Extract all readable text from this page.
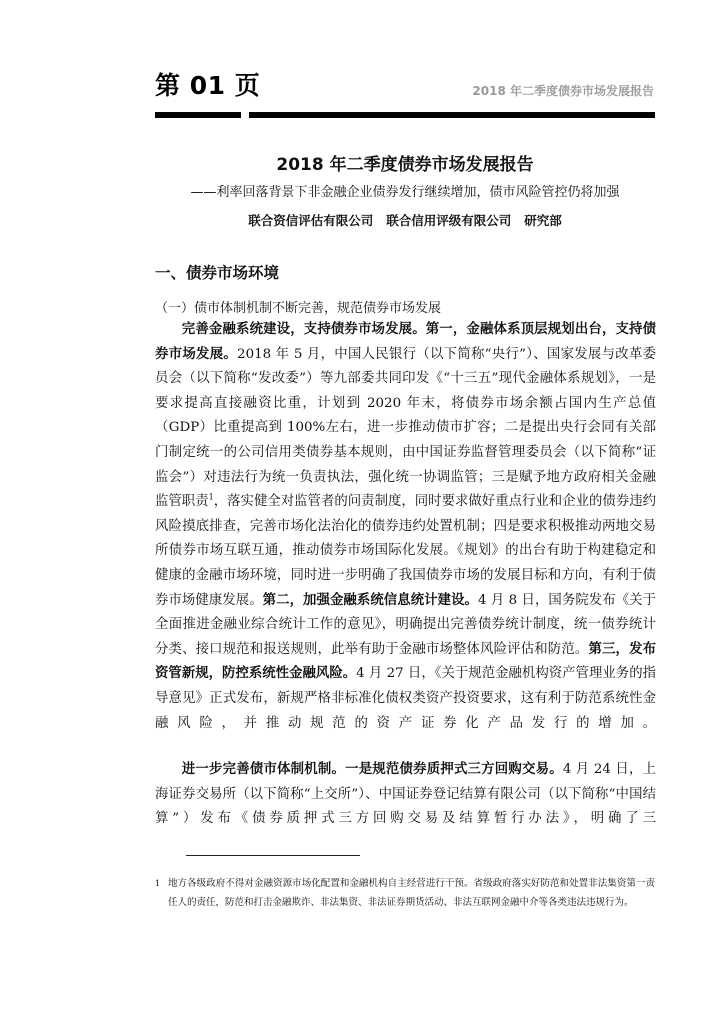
第 01 页	2018 年二季度债券市场发展报告
2018 年二季度债券市场发展报告
——利率回落背景下非金融企业债券发行继续增加，债市风险管控仍将加强
联合资信评估有限公司   联合信用评级有限公司   研究部
一、债券市场环境
（一）债市体制机制不断完善，规范债券市场发展

完善金融系统建设，支持债券市场发展。第一，金融体系顶层规划出台，支持债券市场发展。2018 年 5 月，中国人民银行（以下简称“央行”）、国家发展与改革委员会（以下简称“发改委”）等九部委共同印发《“十三五”现代金融体系规划》，一是要求提高直接融资比重，计划到 2020 年末，将债券市场余额占国内生产总值（GDP）比重提高到 100%左右，进一步推动债市扩容；二是提出央行会同有关部门制定统一的公司信用类债券基本规则，由中国证券监督管理委员会（以下简称“证监会”）对违法行为统一负责执法，强化统一协调监管；三是赋予地方政府相关金融监管职责$^1$，落实健全对监管者的问责制度，同时要求做好重点行业和企业的债券违约风险摸底排查，完善市场化法治化的债券违约处置机制；四是要求积极推动两地交易所债券市场互联互通，推动债券市场国际化发展。《规划》的出台有助于构建稳定和健康的金融市场环境，同时进一步明确了我国债券市场的发展目标和方向，有利于债券市场健康发展。第二，加强金融系统信息统计建设。4 月 8 日，国务院发布《关于全面推进金融业综合统计工作的意见》，明确提出完善债券统计制度，统一债券统计分类、接口规范和报送规则，此举有助于金融市场整体风险评估和防范。第三，发布资管新规，防控系统性金融风险。4 月 27 日，《关于规范金融机构资产管理业务的指导意见》正式发布，新规严格非标准化债权类资产投资要求，这有利于防范系统性金融风险，并推动规范的资产证券化产品发行的增加。

进一步完善债市体制机制。一是规范债券质押式三方回购交易。4 月 24 日，上海证券交易所（以下简称“上交所”）、中国证券登记结算有限公司（以下简称“中国结算”）发布《债券质押式三方回购交易及结算暂行办法》，明确了三

1 地方各级政府不得对金融资源市场化配置和金融机构自主经营进行干预。省级政府落实好防范和处置非法集资第一责任人的责任，防范和打击金融欺诈、非法集资、非法证券期货活动、非法互联网金融中介等各类违法违规行为。
